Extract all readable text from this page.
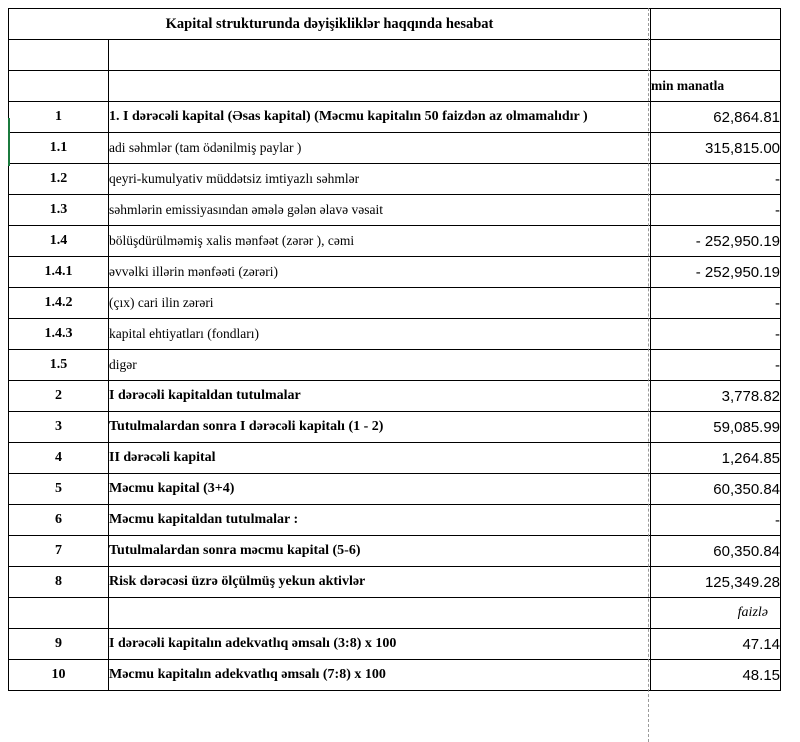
Kapital strukturunda dəyişikliklər haqqında hesabat		

		min manatla
1	1. I dərəcəli kapital (Əsas kapital) (Məcmu kapitalın 50 faizdən az olmamalıdır )	62,864.81
1.1	adi səhmlər (tam ödənilmiş paylar )	315,815.00
1.2	qeyri-kumulyativ müddətsiz imtiyazlı səhmlər	-
1.3	səhmlərin emissiyasından əmələ gələn əlavə vəsait	-
1.4	bölüşdürülməmiş xalis mənfəət (zərər ), cəmi	- 252,950.19
1.4.1	əvvəlki illərin mənfəəti (zərəri)	- 252,950.19
1.4.2	(çıx) cari ilin zərəri	-
1.4.3	kapital ehtiyatları (fondları)	-
1.5	digər	-
2	I dərəcəli kapitaldan tutulmalar	3,778.82
3	Tutulmalardan sonra I dərəcəli kapitalı (1 - 2)	59,085.99
4	II dərəcəli kapital	1,264.85
5	Məcmu kapital (3+4)	60,350.84
6	Məcmu kapitaldan tutulmalar :	-
7	Tutulmalardan sonra məcmu kapital (5-6)	60,350.84
8	Risk dərəcəsi üzrə ölçülmüş yekun aktivlər	125,349.28
		faizlə
9	I dərəcəli kapitalın adekvatlıq əmsalı (3:8) x 100	47.14
10	Məcmu kapitalın adekvatlıq əmsalı (7:8) x 100	48.15
